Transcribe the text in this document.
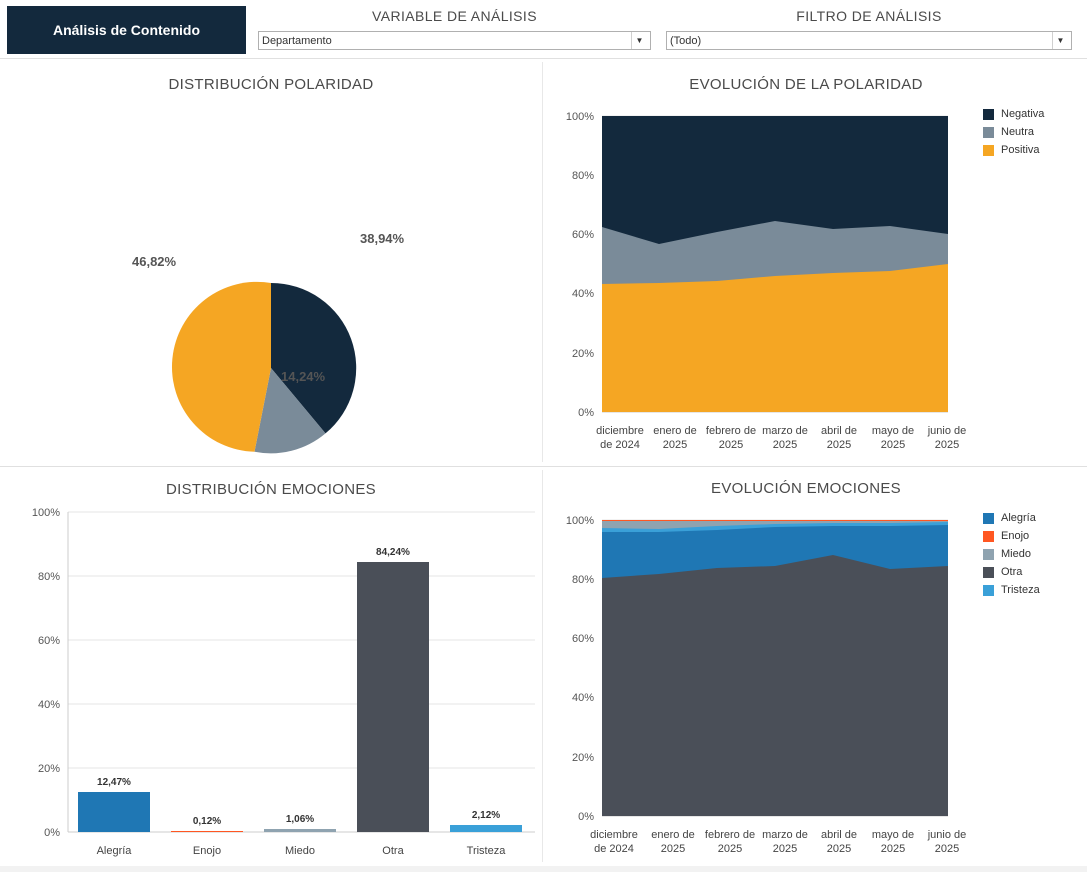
Análisis de Contenido
VARIABLE DE ANÁLISIS
Departamento	▼
FILTRO DE ANÁLISIS
(Todo)	▼
DISTRIBUCIÓN POLARIDAD
38,94%
14,24%
46,82%
EVOLUCIÓN DE LA POLARIDAD
100%
80%
60%
40%
20%
0%
diciembre
de 2024
enero de
2025
febrero de
2025
marzo de
2025
abril de
2025
mayo de
2025
junio de
2025
Negativa
Neutra
Positiva
DISTRIBUCIÓN EMOCIONES
12,47%
0,12%	1,06%
84,24%
2,12%
100%
80%
60%
40%
20%
0%
Alegría	Enojo	Miedo	Otra	Tristeza
EVOLUCIÓN EMOCIONES
100%
80%
60%
40%
20%
0%
diciembre
de 2024
enero de
2025
febrero de
2025
marzo de
2025
abril de
2025
mayo de
2025
junio de
2025
Alegría
Enojo
Miedo
Otra
Tristeza
